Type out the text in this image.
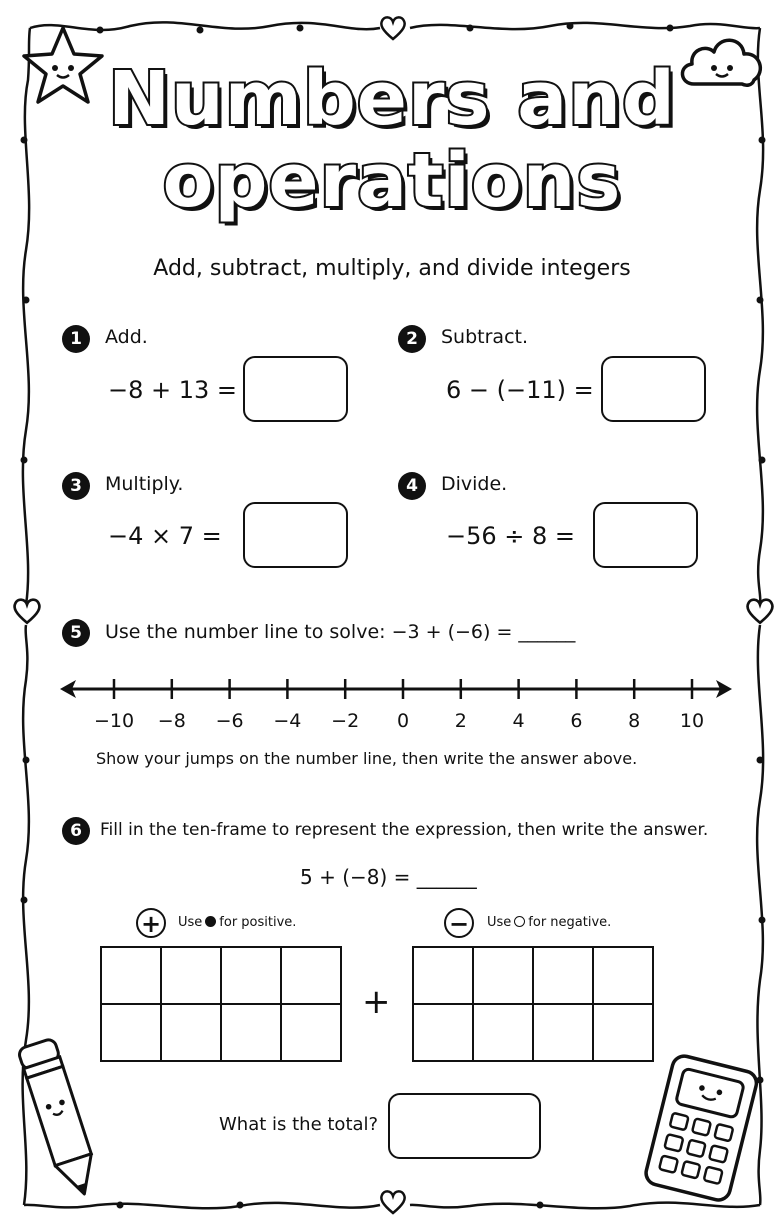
Numbers and
operations
Add, subtract, multiply, and divide integers
1	Add.
−8 + 13 =
2	Subtract.
6 − (−11) =
3	Multiply.
−4 × 7 =
4	Divide.
−56 ÷ 8 =
5	Use the number line to solve: −3 + (−6) = ______
−10	−8	−6	−4	−2	0	2	4	6	8	10
Show your jumps on the number line, then write the answer above.
6	Fill in the ten-frame to represent the expression, then write the answer.
5 + (−8) = ______
+	Use for positive.	−	Use for negative.

+

What is the total?
